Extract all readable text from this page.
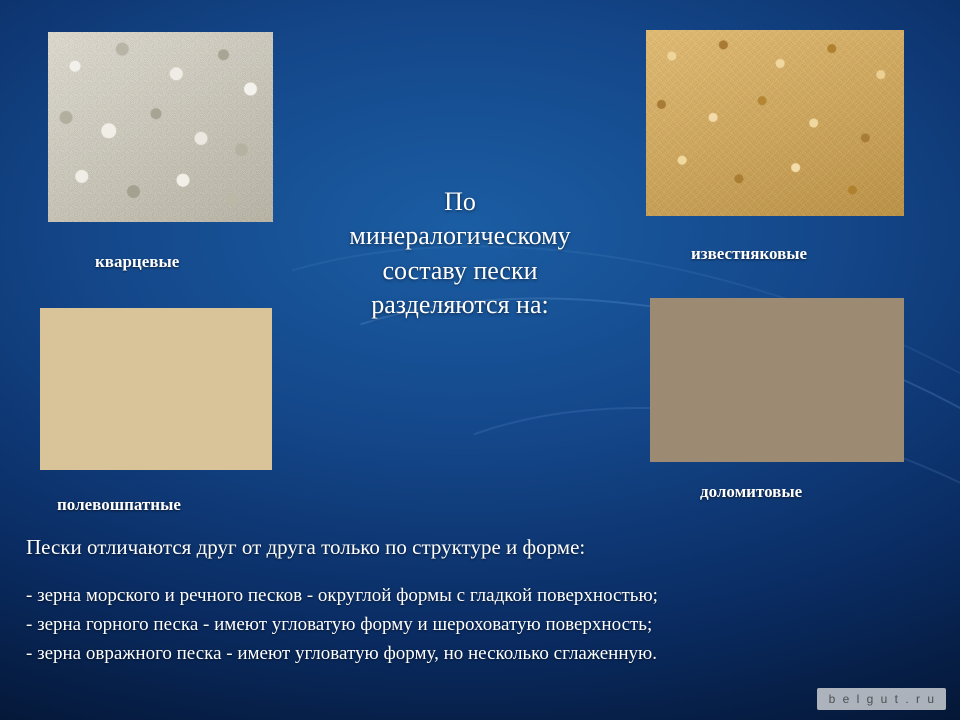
кварцевые	известняковые
полевошпатные
доломитовые
По
минералогическому
составу пески
разделяются на:
Пески отличаются друг от друга только по структуре и форме:
- зерна морского и речного песков - округлой формы с гладкой поверхностью;
- зерна горного песка - имеют угловатую форму и шероховатую поверхность;
- зерна овражного песка - имеют угловатую форму, но несколько сглаженную.
b e l g u t . r u
